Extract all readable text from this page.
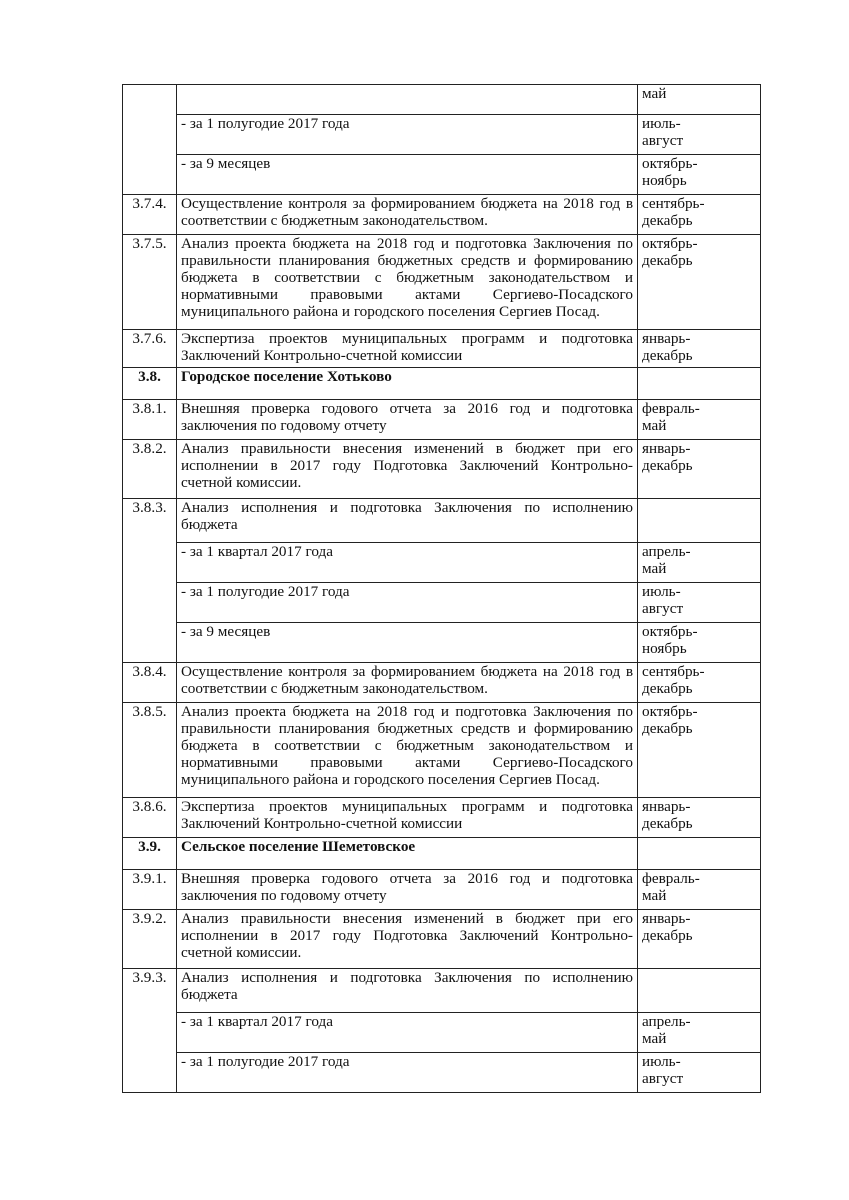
		май
	- за 1 полугодие 2017 года	июль-
август
	- за 9 месяцев	октябрь-
ноябрь
3.7.4.	Осуществление контроля за формированием бюджета на 2018 год в соответствии с бюджетным законодательством.	сентябрь-
декабрь
3.7.5.	Анализ проекта бюджета на 2018 год и подготовка Заключения по правильности планирования бюджетных средств и формированию бюджета в соответствии с бюджетным законодательством и нормативными правовыми актами Сергиево-Посадского муниципального района и городского поселения Сергиев Посад.	октябрь-
декабрь
3.7.6.	Экспертиза проектов муниципальных программ и подготовка Заключений Контрольно-счетной комиссии	январь-
декабрь
3.8.	Городское поселение Хотьково	
3.8.1.	Внешняя проверка годового отчета за 2016 год и подготовка заключения по годовому отчету	февраль-
май
3.8.2.	Анализ правильности внесения изменений в бюджет при его исполнении в 2017 году Подготовка Заключений Контрольно-счетной комиссии.	январь-
декабрь
3.8.3.	Анализ исполнения и подготовка Заключения по исполнению бюджета	
	- за 1 квартал 2017 года	апрель-
май
	- за 1 полугодие 2017 года	июль-
август
	- за 9 месяцев	октябрь-
ноябрь
3.8.4.	Осуществление контроля за формированием бюджета на 2018 год в соответствии с бюджетным законодательством.	сентябрь-
декабрь
3.8.5.	Анализ проекта бюджета на 2018 год и подготовка Заключения по правильности планирования бюджетных средств и формированию бюджета в соответствии с бюджетным законодательством и нормативными правовыми актами Сергиево-Посадского муниципального района и городского поселения Сергиев Посад.	октябрь-
декабрь
3.8.6.	Экспертиза проектов муниципальных программ и подготовка Заключений Контрольно-счетной комиссии	январь-
декабрь
3.9.	Сельское поселение Шеметовское	
3.9.1.	Внешняя проверка годового отчета за 2016 год и подготовка заключения по годовому отчету	февраль-
май
3.9.2.	Анализ правильности внесения изменений в бюджет при его исполнении в 2017 году Подготовка Заключений Контрольно-счетной комиссии.	январь-
декабрь
3.9.3.	Анализ исполнения и подготовка Заключения по исполнению бюджета	
	- за 1 квартал 2017 года	апрель-
май
	- за 1 полугодие 2017 года	июль-
август
